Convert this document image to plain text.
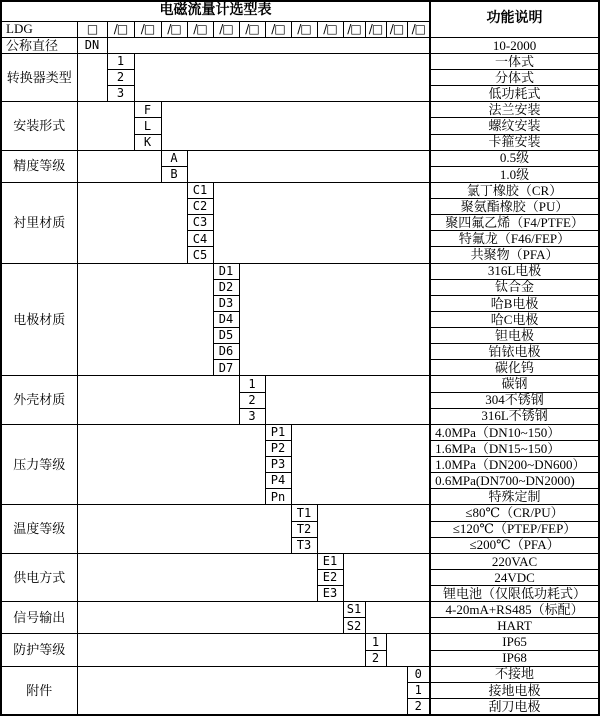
电磁流量计选型表															功能说明
LDG	□	/□	/□	/□	/□	/□	/□	/□	/□	/□	/□	/□	/□	/□	
公称直径	DN														10-2000
转换器类型		1													一体式
		2													分体式
		3													低功耗式
安装形式			F												法兰安装
			L												螺纹安装
			K												卡箍安装
精度等级				A											0.5级
				B											1.0级
衬里材质					C1										氯丁橡胶（CR）
					C2										聚氨酯橡胶（PU）
					C3										聚四氟乙烯（F4/PTFE）
					C4										特氟龙（F46/FEP）
					C5										共聚物（PFA）
电极材质						D1									316L电极
						D2									钛合金
						D3									哈B电极
						D4									哈C电极
						D5									钽电极
						D6									铂铱电极
						D7									碳化钨
外壳材质							1								碳钢
							2								304不锈钢
							3								316L不锈钢
压力等级								P1							4.0MPa（DN10~150）
								P2							1.6MPa（DN15~150）
								P3							1.0MPa（DN200~DN600）
								P4							0.6MPa(DN700~DN2000)
								Pn							特殊定制
温度等级									T1						≤80℃（CR/PU）
									T2						≤120℃（PTEP/FEP）
									T3						≤200℃（PFA）
供电方式										E1					220VAC
										E2					24VDC
										E3					锂电池（仅限低功耗式）
信号输出											S1				4-20mA+RS485（标配）
											S2				HART
防护等级												1			IP65
												2			IP68
附件														0	不接地
														1	接地电极
														2	刮刀电极
